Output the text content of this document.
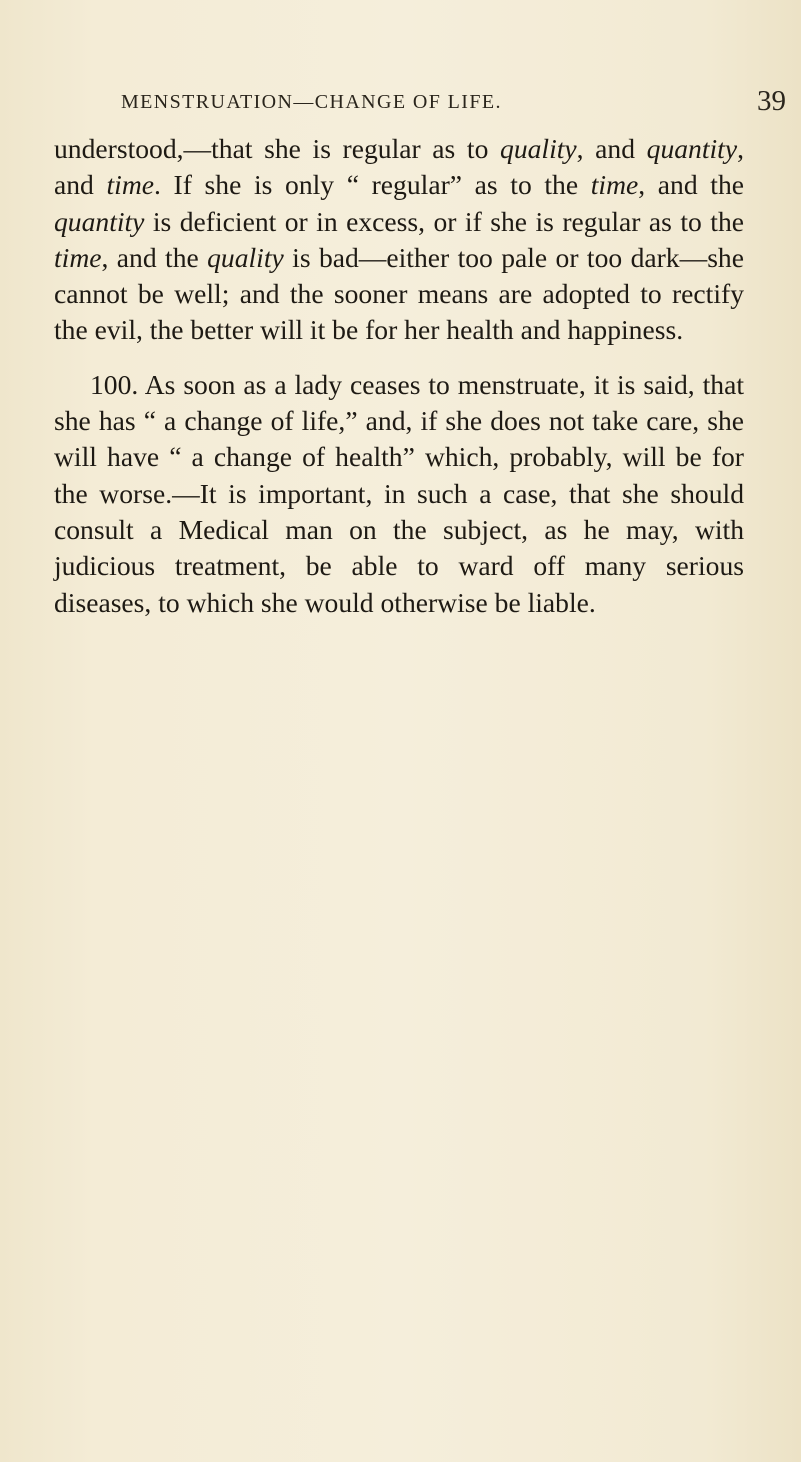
MENSTRUATION—CHANGE OF LIFE.	39

understood,—that she is regular as to quality, and quantity, and time. If she is only “ regular” as to the time, and the quantity is deficient or in excess, or if she is regular as to the time, and the quality is bad—either too pale or too dark—she cannot be well; and the sooner means are adopted to rectify the evil, the better will it be for her health and happiness.

100. As soon as a lady ceases to menstruate, it is said, that she has “ a change of life,” and, if she does not take care, she will have “ a change of health” which, probably, will be for the worse.—It is important, in such a case, that she should consult a Medical man on the subject, as he may, with judicious treatment, be able to ward off many serious diseases, to which she would otherwise be liable.
